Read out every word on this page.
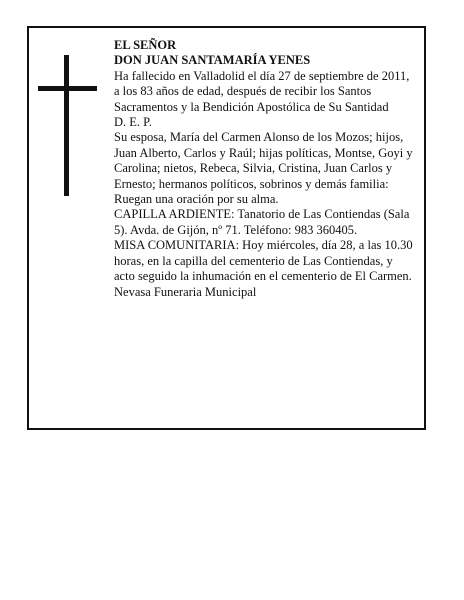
EL SEÑOR

DON JUAN SANTAMARÍA YENES

Ha fallecido en Valladolid el día 27 de septiembre de 2011, a los 83 años de edad, después de recibir los Santos Sacramentos y la Bendición Apostólica de Su Santidad

D. E. P.

Su esposa, María del Carmen Alonso de los Mozos; hijos, Juan Alberto, Carlos y Raúl; hijas políticas, Montse, Goyi y Carolina; nietos, Rebeca, Silvia, Cristina, Juan Carlos y Ernesto; hermanos políticos, sobrinos y demás familia:

Ruegan una oración por su alma.

CAPILLA ARDIENTE: Tanatorio de Las Contiendas (Sala 5). Avda. de Gijón, nº 71. Teléfono: 983 360405.

MISA COMUNITARIA: Hoy miércoles, día 28, a las 10.30 horas, en la capilla del cementerio de Las Contiendas, y acto seguido la inhumación en el cementerio de El Carmen.

Nevasa Funeraria Municipal
